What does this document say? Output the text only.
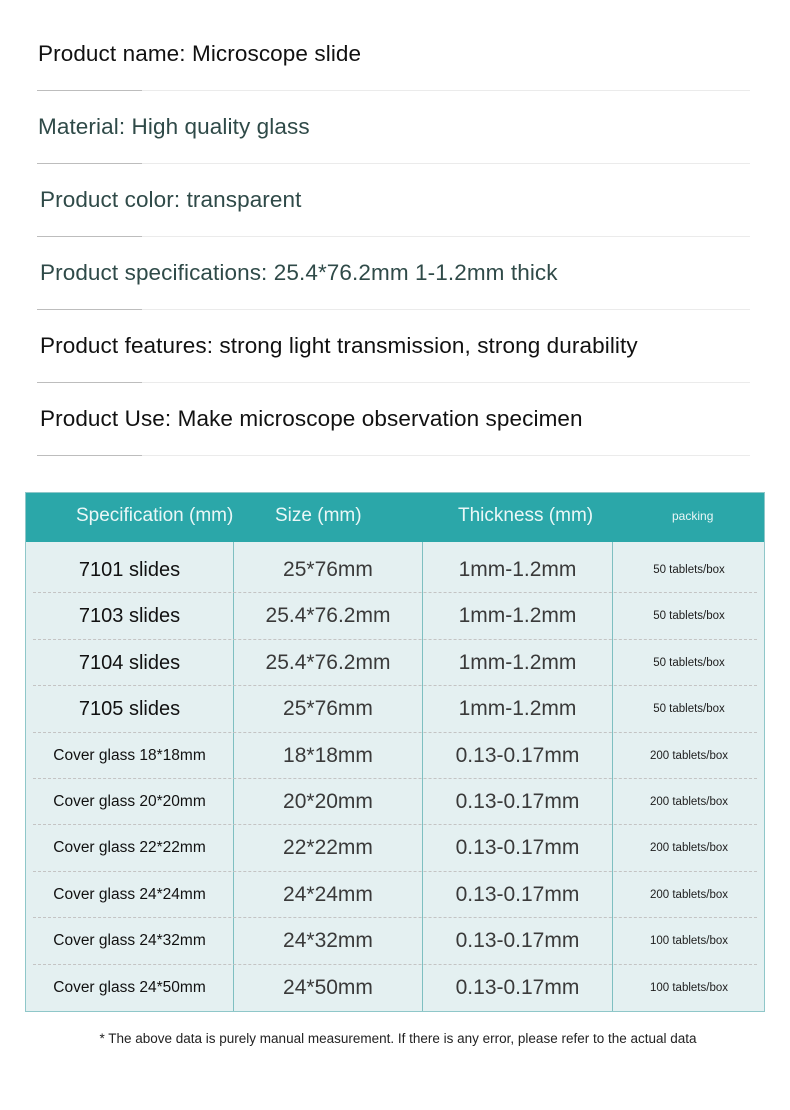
Product name: Microscope slide
Material: High quality glass
Product color: transparent
Product specifications: 25.4*76.2mm 1-1.2mm thick
Product features: strong light transmission, strong durability
Product Use: Make microscope observation specimen
Specification (mm) Size (mm)	Thickness (mm)	packing
7101 slides	25*76mm	1mm-1.2mm	50 tablets/box
7103 slides	25.4*76.2mm	1mm-1.2mm	50 tablets/box
7104 slides	25.4*76.2mm	1mm-1.2mm	50 tablets/box
7105 slides	25*76mm	1mm-1.2mm	50 tablets/box
Cover glass 18*18mm	18*18mm	0.13-0.17mm	200 tablets/box
Cover glass 20*20mm	20*20mm	0.13-0.17mm	200 tablets/box
Cover glass 22*22mm	22*22mm	0.13-0.17mm	200 tablets/box
Cover glass 24*24mm	24*24mm	0.13-0.17mm	200 tablets/box
Cover glass 24*32mm	24*32mm	0.13-0.17mm	100 tablets/box
Cover glass 24*50mm	24*50mm	0.13-0.17mm	100 tablets/box
* The above data is purely manual measurement. If there is any error, please refer to the actual data
